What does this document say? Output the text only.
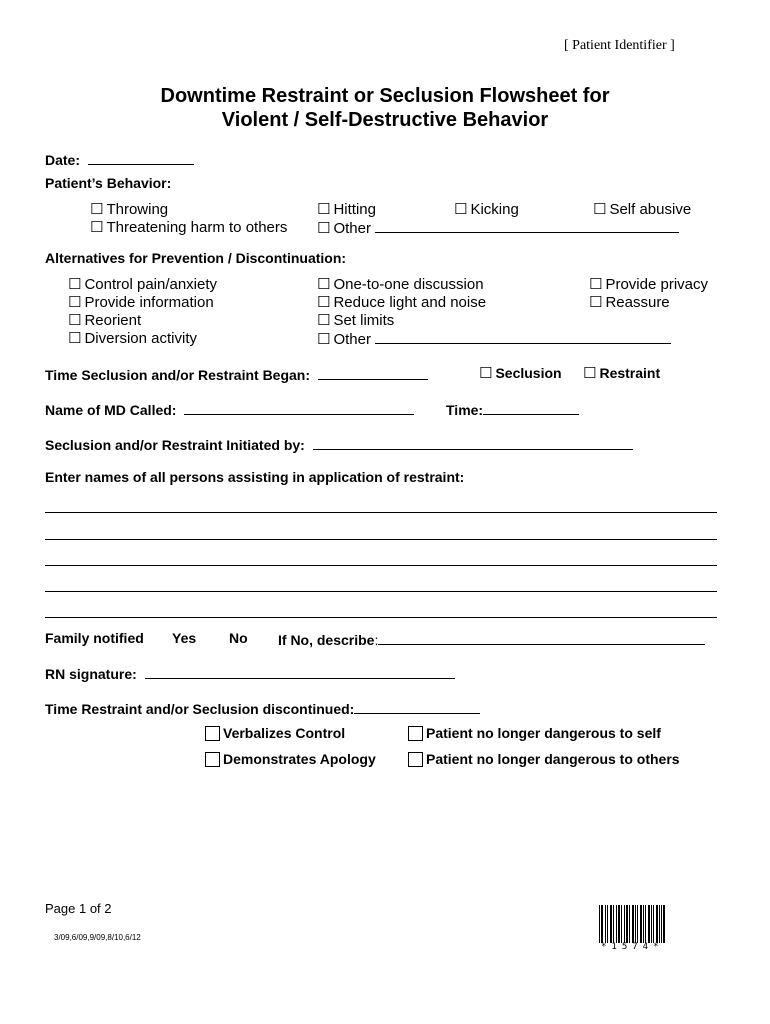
[ Patient Identifier ]
Downtime Restraint or Seclusion Flowsheet for
Violent / Self-Destructive Behavior
Date:
Patient’s Behavior:
☐ Throwing
☐ Threatening harm to others
☐ Hitting
☐ Other
☐ Kicking	☐ Self abusive
Alternatives for Prevention / Discontinuation:
☐ Control pain/anxiety
☐ Provide information
☐ Reorient
☐ Diversion activity
☐ One-to-one discussion
☐ Reduce light and noise
☐ Set limits
☐ Other
☐ Provide privacy
☐ Reassure
Time Seclusion and/or Restraint Began:	☐ Seclusion ☐ Restraint
Name of MD Called:	Time:
Seclusion and/or Restraint Initiated by:
Enter names of all persons assisting in application of restraint:
Family notified Yes No If No, describe:
RN signature:
Time Restraint and/or Seclusion discontinued:
Verbalizes Control
Demonstrates Apology
Patient no longer dangerous to self
Patient no longer dangerous to others
Page 1 of 2
3/09,6/09,9/09,8/10,6/12
*1574*
